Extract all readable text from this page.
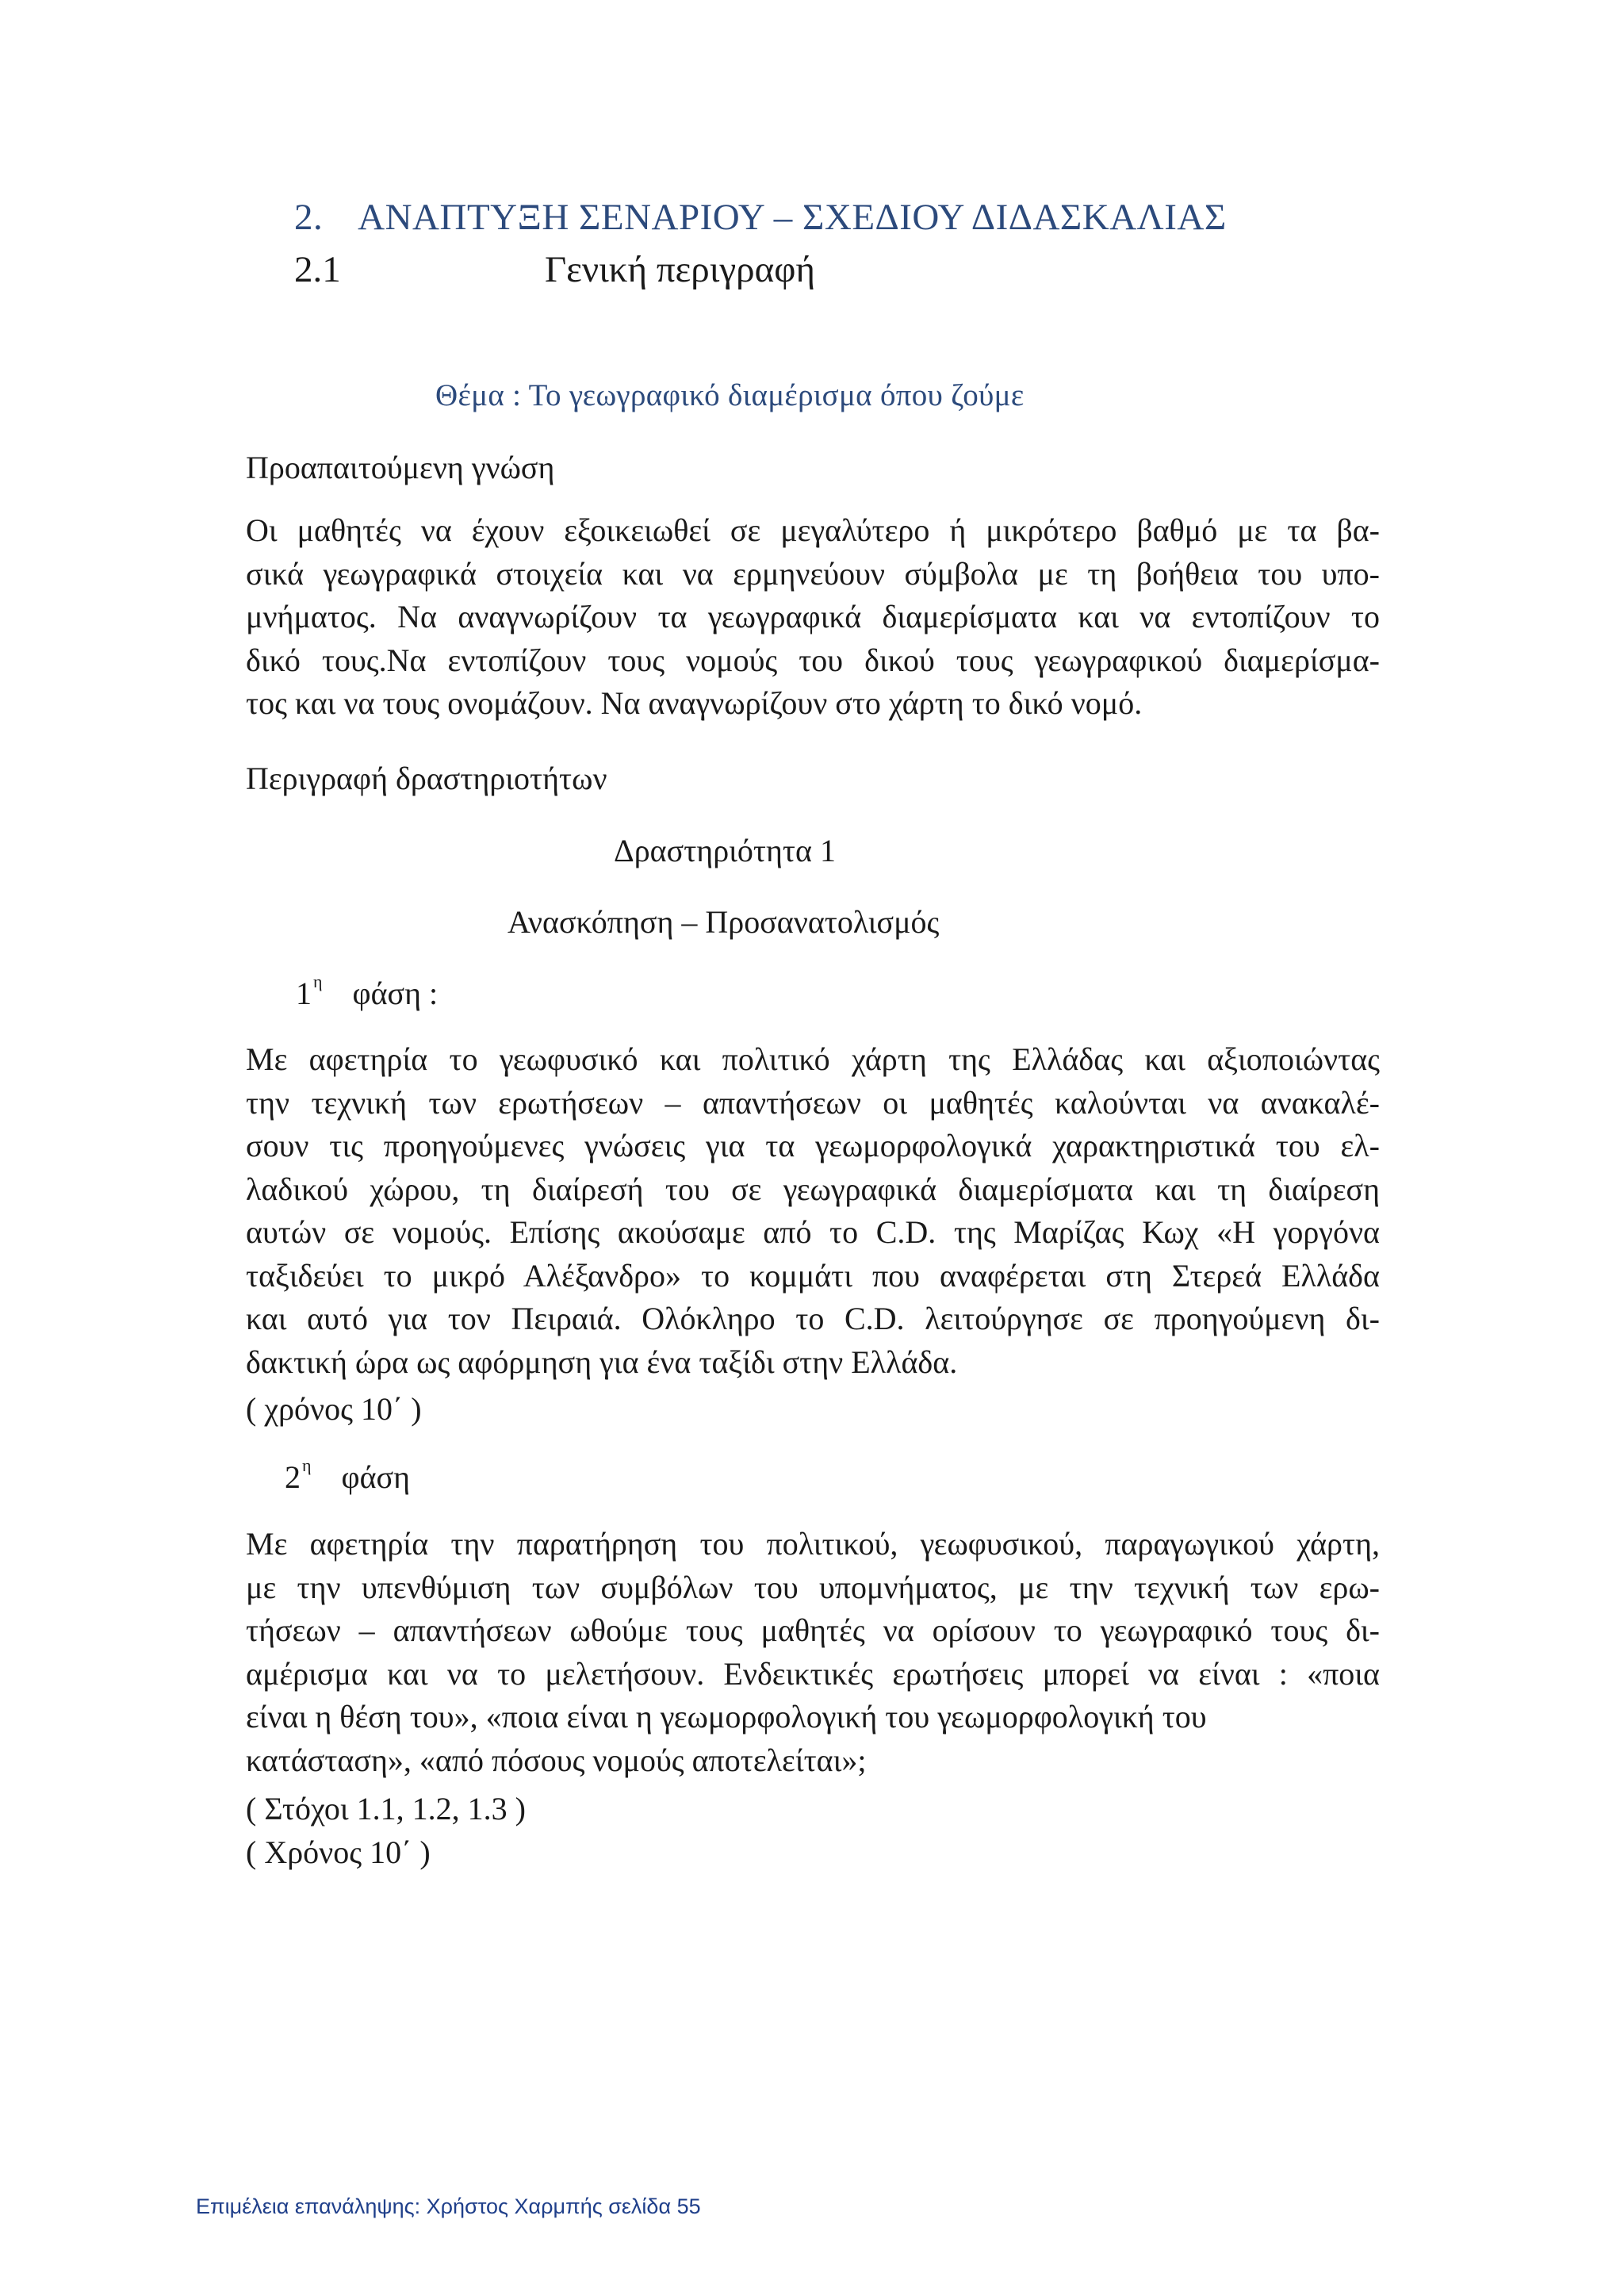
2. ΑΝΑΠΤΥΞΗ ΣΕΝΑΡΙΟΥ – ΣΧΕΔΙΟΥ ΔΙΔΑΣΚΑΛΙΑΣ
2.1	Γενική περιγραφή
Θέμα : Το γεωγραφικό διαμέρισμα όπου ζούμε
Προαπαιτούμενη γνώση
Οι μαθητές να έχουν εξοικειωθεί σε μεγαλύτερο ή μικρότερο βαθμό με τα βα-
σικά γεωγραφικά στοιχεία και να ερμηνεύουν σύμβολα με τη βοήθεια του υπο-
μνήματος. Να αναγνωρίζουν τα γεωγραφικά διαμερίσματα και να εντοπίζουν το
δικό τους.Να εντοπίζουν τους νομούς του δικού τους γεωγραφικού διαμερίσμα-
τος και να τους ονομάζουν. Να αναγνωρίζουν στο χάρτη το δικό νομό.
Περιγραφή δραστηριοτήτων
Δραστηριότητα 1
Ανασκόπηση – Προσανατολισμός
$1^\eta$ φάση :
Με αφετηρία το γεωφυσικό και πολιτικό χάρτη της Ελλάδας και αξιοποιώντας
την τεχνική των ερωτήσεων – απαντήσεων οι μαθητές καλούνται να ανακαλέ-
σουν τις προηγούμενες γνώσεις για τα γεωμορφολογικά χαρακτηριστικά του ελ-
λαδικού χώρου, τη διαίρεσή του σε γεωγραφικά διαμερίσματα και τη διαίρεση
αυτών σε νομούς. Επίσης ακούσαμε από το C.D. της Μαρίζας Κωχ «Η γοργόνα
ταξιδεύει το μικρό Αλέξανδρο» το κομμάτι που αναφέρεται στη Στερεά Ελλάδα
και αυτό για τον Πειραιά. Ολόκληρο το C.D. λειτούργησε σε προηγούμενη δι-
δακτική ώρα ως αφόρμηση για ένα ταξίδι στην Ελλάδα.
( χρόνος 10΄ )
$2^\eta$ φάση
Με αφετηρία την παρατήρηση του πολιτικού, γεωφυσικού, παραγωγικού χάρτη,
με την υπενθύμιση των συμβόλων του υπομνήματος, με την τεχνική των ερω-
τήσεων – απαντήσεων ωθούμε τους μαθητές να ορίσουν το γεωγραφικό τους δι-
αμέρισμα και να το μελετήσουν. Ενδεικτικές ερωτήσεις μπορεί να είναι : «ποια
είναι η θέση του», «ποια είναι η γεωμορφολογική του γεωμορφολογική του
κατάσταση», «από πόσους νομούς αποτελείται»;
( Στόχοι 1.1, 1.2, 1.3 )
( Χρόνος 10΄ )
Επιμέλεια επανάληψης: Χρήστος Χαρμπής σελίδα 55
